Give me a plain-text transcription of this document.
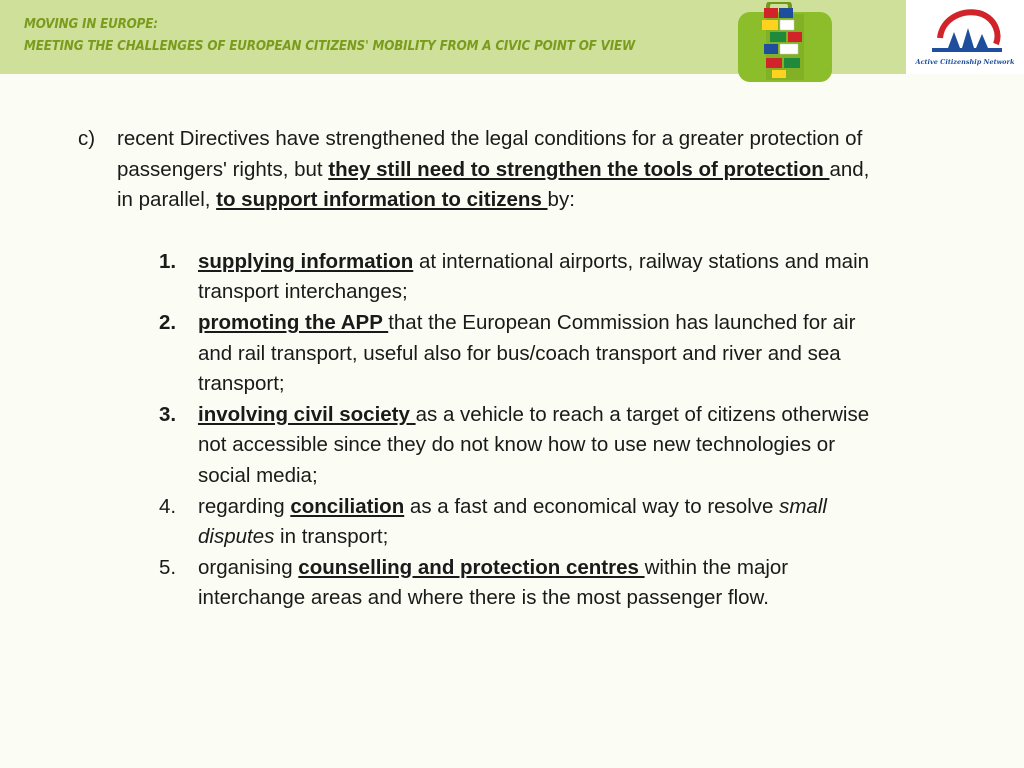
MOVING IN EUROPE:
MEETING THE CHALLENGES OF EUROPEAN CITIZENS' MOBILITY FROM A CIVIC POINT OF VIEW
Active Citizenship Network
c)	recent Directives have strengthened the legal conditions for a greater protection of passengers' rights, but they still need to strengthen the tools of protection and, in parallel, to support information to citizens by:
1.	supplying information at international airports, railway stations and main transport interchanges;
2.	promoting the APP that the European Commission has launched for air and rail transport, useful also for bus/coach transport and river and sea transport;
3.	involving civil society as a vehicle to reach a target of citizens otherwise not accessible since they do not know how to use new technologies or social media;
4.	regarding conciliation as a fast and economical way to resolve small disputes in transport;
5.	organising counselling and protection centres within the major interchange areas and where there is the most passenger flow.
